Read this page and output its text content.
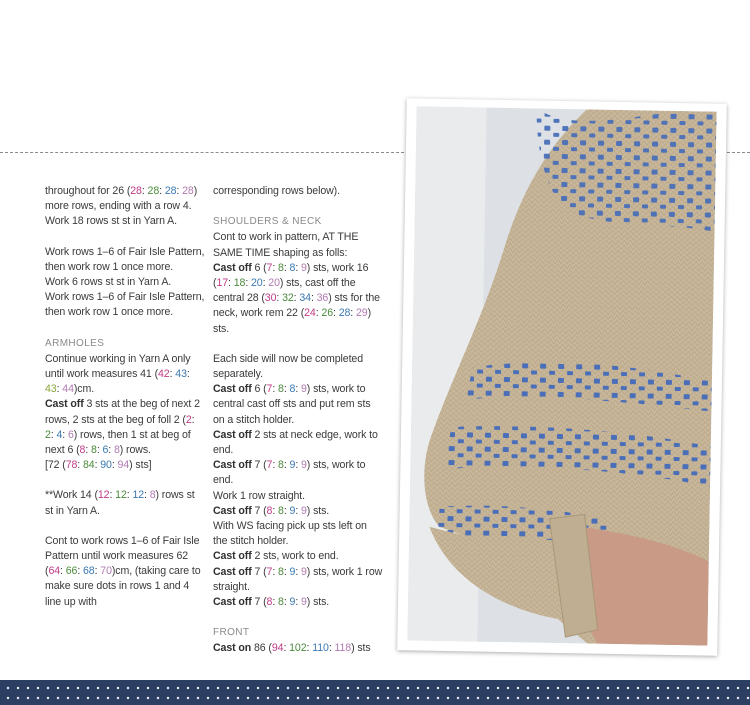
throughout for 26 (28: 28: 28: 28) more rows, ending with a row 4.

Work 18 rows st st in Yarn A.

Work rows 1–6 of Fair Isle Pattern, then work row 1 once more.

Work 6 rows st st in Yarn A.

Work rows 1–6 of Fair Isle Pattern, then work row 1 once more.

ARMHOLES

Continue working in Yarn A only until work measures 41 (42: 43: 43: 44)cm.

Cast off 3 sts at the beg of next 2 rows, 2 sts at the beg of foll 2 (2: 2: 4: 6) rows, then 1 st at beg of next 6 (8: 8: 6: 8) rows.

[72 (78: 84: 90: 94) sts]

**Work 14 (12: 12: 12: 8) rows st st in Yarn A.

Cont to work rows 1–6 of Fair Isle Pattern until work measures 62 (64: 66: 68: 70)cm, (taking care to make sure dots in rows 1 and 4 line up with

corresponding rows below).

SHOULDERS & NECK

Cont to work in pattern, AT THE SAME TIME shaping as folls:

Cast off 6 (7: 8: 8: 9) sts, work 16 (17: 18: 20: 20) sts, cast off the central 28 (30: 32: 34: 36) sts for the neck, work rem 22 (24: 26: 28: 29) sts.

Each side will now be completed separately.

Cast off 6 (7: 8: 8: 9) sts, work to central cast off sts and put rem sts on a stitch holder.

Cast off 2 sts at neck edge, work to end.

Cast off 7 (7: 8: 9: 9) sts, work to end.

Work 1 row straight.

Cast off 7 (8: 8: 9: 9) sts.

With WS facing pick up sts left on the stitch holder.

Cast off 2 sts, work to end.

Cast off 7 (7: 8: 9: 9) sts, work 1 row straight.

Cast off 7 (8: 8: 9: 9) sts.

FRONT

Cast on 86 (94: 102: 110: 118) sts
